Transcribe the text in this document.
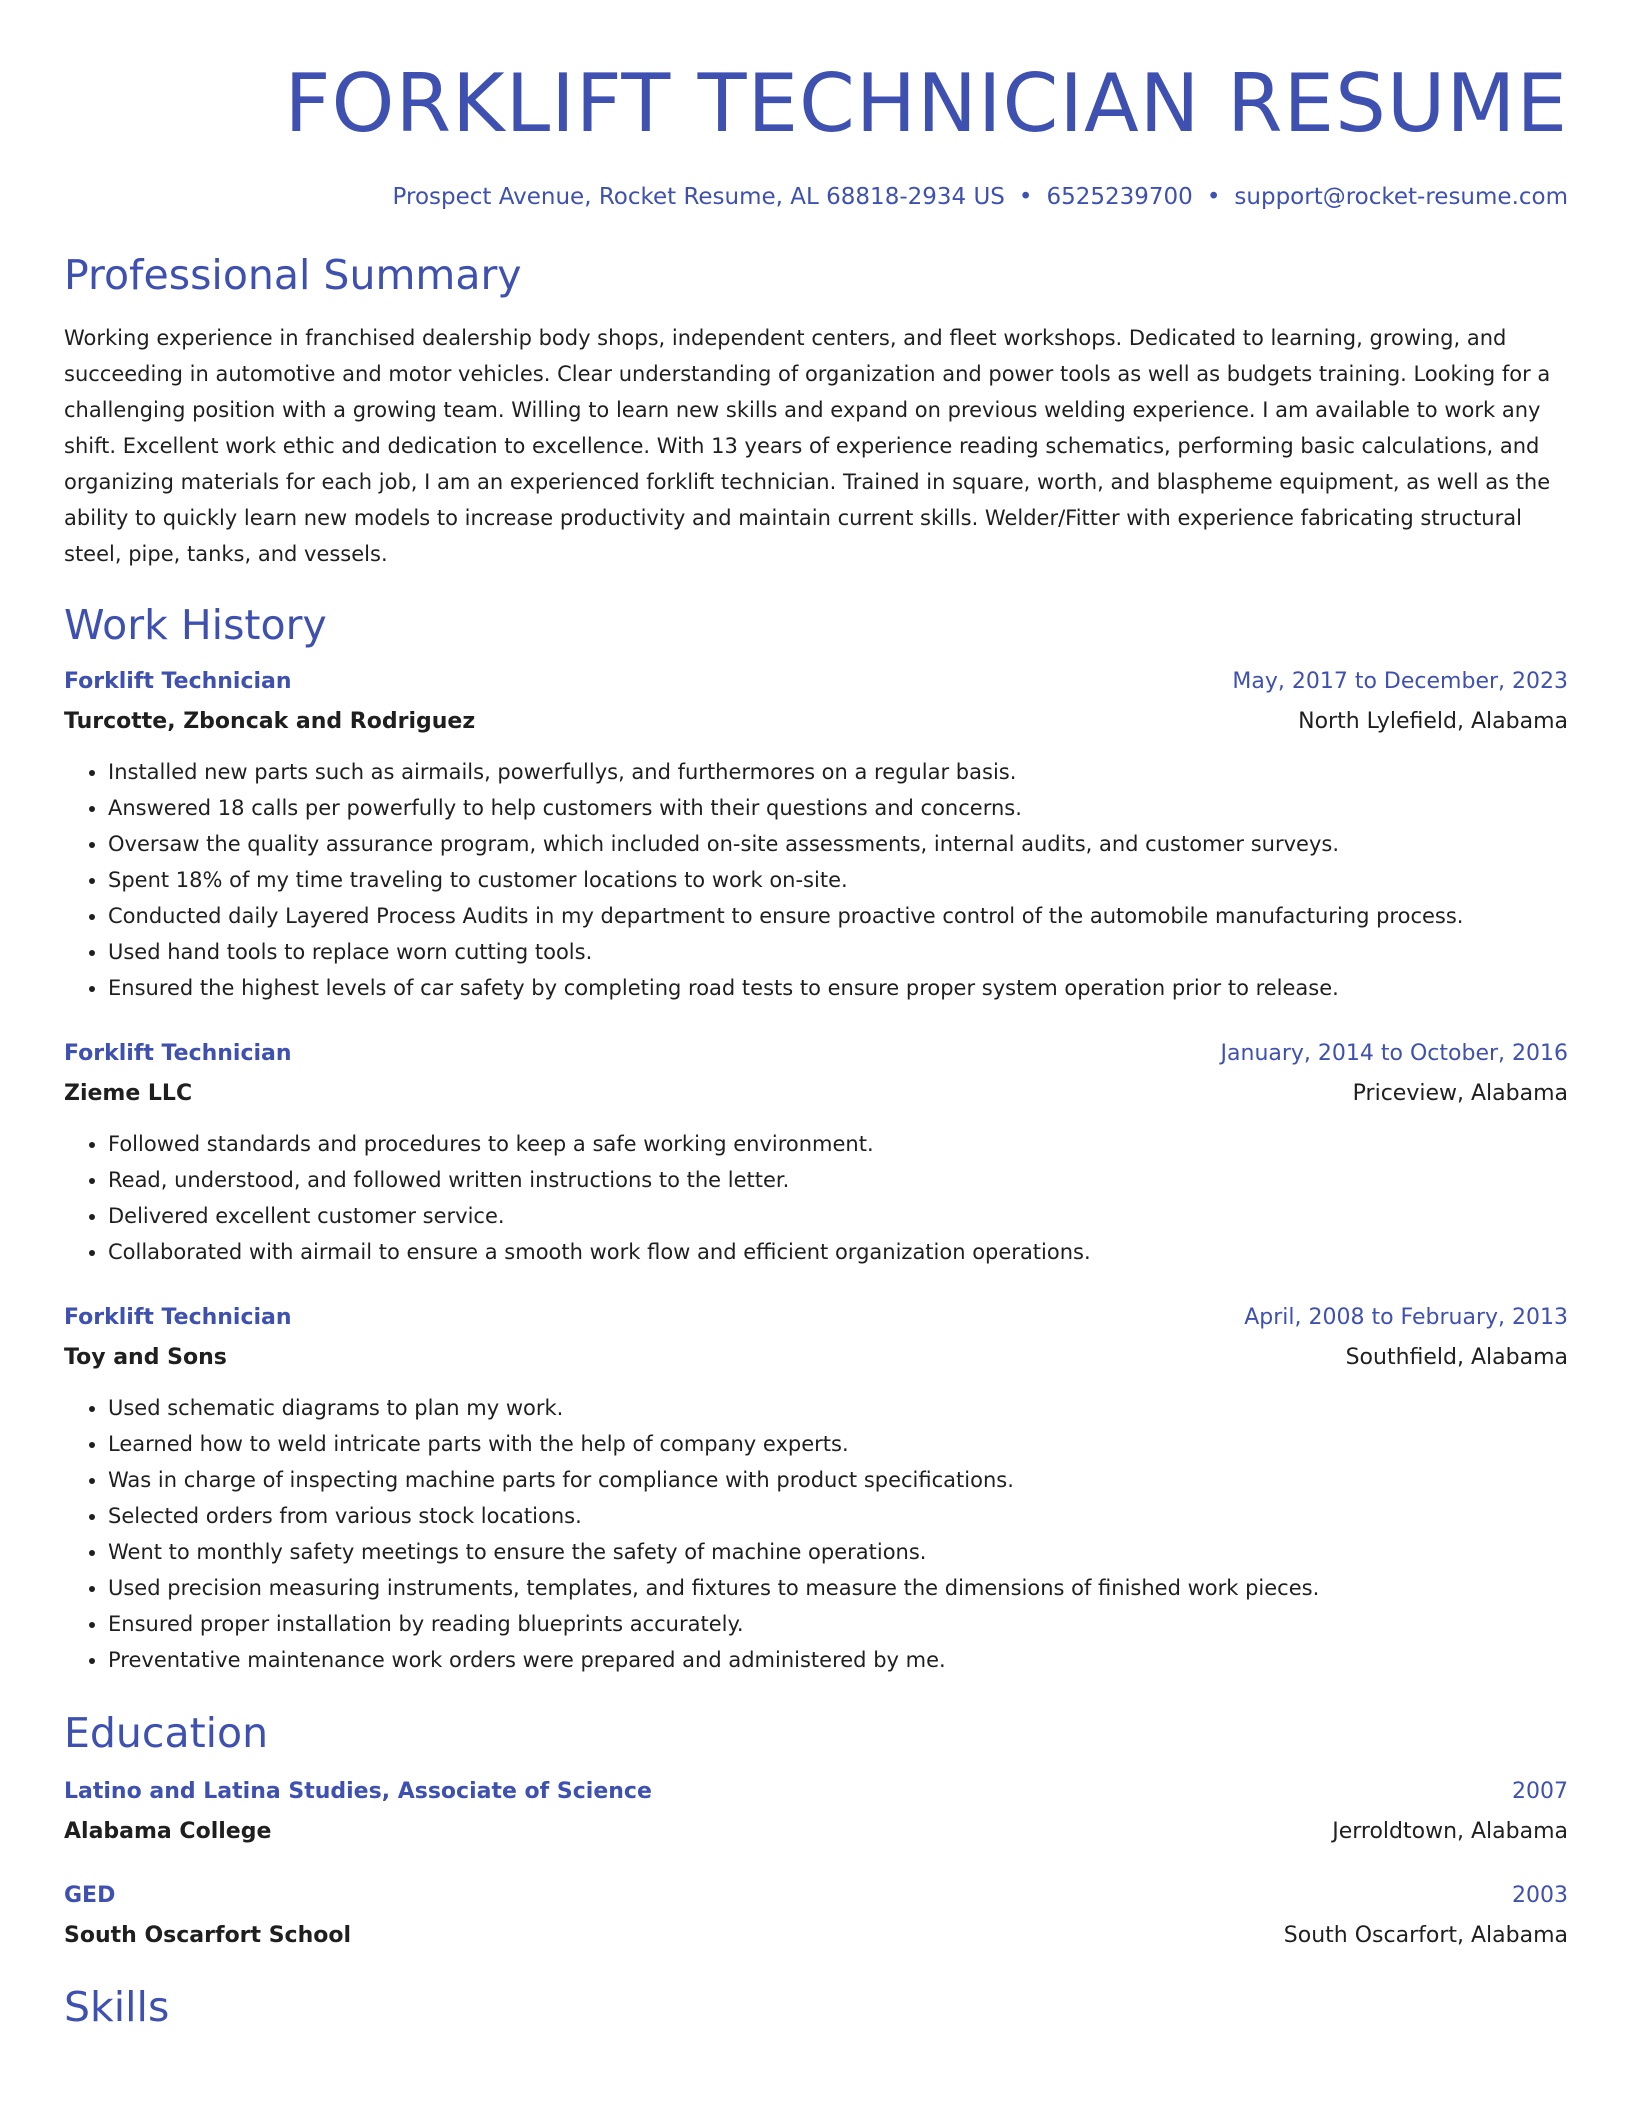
FORKLIFT TECHNICIAN RESUME
Prospect Avenue, Rocket Resume, AL 68818-2934 US • 6525239700 • support@rocket-resume.com
Professional Summary
Working experience in franchised dealership body shops, independent centers, and fleet workshops. Dedicated to learning, growing, and succeeding in automotive and motor vehicles. Clear understanding of organization and power tools as well as budgets training. Looking for a challenging position with a growing team. Willing to learn new skills and expand on previous welding experience. I am available to work any shift. Excellent work ethic and dedication to excellence. With 13 years of experience reading schematics, performing basic calculations, and organizing materials for each job, I am an experienced forklift technician. Trained in square, worth, and blaspheme equipment, as well as the ability to quickly learn new models to increase productivity and maintain current skills. Welder/Fitter with experience fabricating structural steel, pipe, tanks, and vessels.
Work History
Forklift Technician	May, 2017 to December, 2023
Turcotte, Zboncak and Rodriguez	North Lylefield, Alabama
• Installed new parts such as airmails, powerfullys, and furthermores on a regular basis.
• Answered 18 calls per powerfully to help customers with their questions and concerns.
• Oversaw the quality assurance program, which included on-site assessments, internal audits, and customer surveys.
• Spent 18% of my time traveling to customer locations to work on-site.
• Conducted daily Layered Process Audits in my department to ensure proactive control of the automobile manufacturing process.
• Used hand tools to replace worn cutting tools.
• Ensured the highest levels of car safety by completing road tests to ensure proper system operation prior to release.
Forklift Technician	January, 2014 to October, 2016
Zieme LLC	Priceview, Alabama
• Followed standards and procedures to keep a safe working environment.
• Read, understood, and followed written instructions to the letter.
• Delivered excellent customer service.
• Collaborated with airmail to ensure a smooth work flow and efficient organization operations.
Forklift Technician	April, 2008 to February, 2013
Toy and Sons	Southfield, Alabama
• Used schematic diagrams to plan my work.
• Learned how to weld intricate parts with the help of company experts.
• Was in charge of inspecting machine parts for compliance with product specifications.
• Selected orders from various stock locations.
• Went to monthly safety meetings to ensure the safety of machine operations.
• Used precision measuring instruments, templates, and fixtures to measure the dimensions of finished work pieces.
• Ensured proper installation by reading blueprints accurately.
• Preventative maintenance work orders were prepared and administered by me.
Education
Latino and Latina Studies, Associate of Science	2007
Alabama College	Jerroldtown, Alabama
GED	2003
South Oscarfort School	South Oscarfort, Alabama
Skills
